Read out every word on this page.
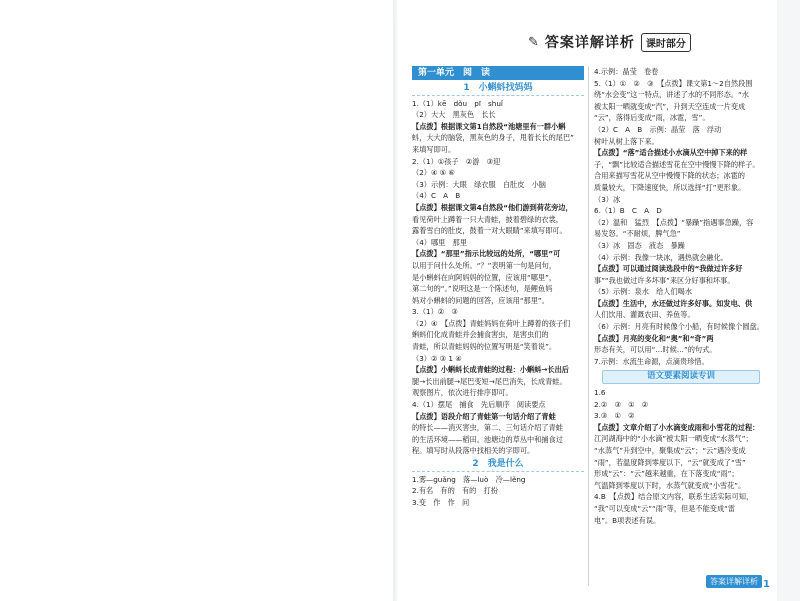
✎ 答案详解详析	课时部分
第一单元　阅　读
1　小蝌蚪找妈妈
1.（1）kē　dǒu　pī　shuǐ
（2）大大　黑灰色　长长
【点拨】根据课文第1自然段“池塘里有一群小蝌
蚪，大大的脑袋，黑灰色的身子，甩着长长的尾巴”
来填写即可。
2.（1）①孩子　②游　③迎
（2）④ ⑤ ⑥
（3）示例：大眼　绿衣服　白肚皮　小脑
（4）C　A　B
【点拨】根据课文第4自然段“他们游到荷花旁边，
看见荷叶上蹲着一只大青蛙，披着碧绿的衣裳，
露着雪白的肚皮，鼓着一对大眼睛”来填写即可。
（4）哪里　那里
【点拨】“那里”指示比较远的处所，“哪里”可
以用于问什么处所。“？”表明第一句是问句，
是小蝌蚪在向阿妈妈的位置，应该用“哪里”，
第二句的“。”说明这是一个陈述句，是鲤鱼妈
妈对小蝌蚪的问题的回答，应该用“那里”。
3.（1）②　③
（2）④　【点拨】青蛙妈妈在荷叶上蹲着的孩子们
蝌蚪们化成青蛙并会捕食害虫，是害虫们的
青蛙，所以青蛙妈妈的位置写明是“笑着说”。
（3）② ③ 1 ④
【点拨】小蝌蚪长成青蛙的过程：小蝌蚪→长出后
腿→长出前腿→尾巴变短→尾巴消失，长成青蛙。
观察图片，依次进行排序即可。
4.（1）摆尾　捕食　先后顺序　阅读要点
【点拨】语段介绍了青蛙第一句话介绍了青蛙
的特长——消灭害虫，第二、三句话介绍了青蛙
的生活环境——稻田。池塘边的草丛中和捕食过
程。填写时从段落中找相关的字即可。
2　我是什么
1.雾—guǎng　落—luò　冷—lěng
2.有名　有的　有的　打扮
3.变　作　作　问
4.示例：晶莹　卷卷
5.（1）①　②　③　【点拨】课文第1～2自然段围
绕“水会变”这一特点，讲述了水的不同形态。“水
被太阳一晒就变成“汽”，升到天空连成一片变成
“云”，落得后变成“雨，冰雹，雪”。
（2）C　A　B　示例：晶莹　落　浮动
树叶从树上落下来。
【点拨】“落”适合描述小水滴从空中掉下来的样
子，“飘”比较适合描述雪花在空中慢慢下降的样子。
合用来描写雪花从空中慢慢下降的状态；冰雹的
质量较大，下降速度快，所以选择“打”更形象。
（3）冰
6.（1）B　C　A　D
（2）温和　猛烈　【点拨】“暴躁”指遇事急躁，容
易发怒。“不耐烦，脾气急”
（3）冰　固态　液态　暴躁
（4）示例：我像一块冰，遇热就会融化。
【点拨】可以通过阅读选段中的“我做过许多好
事”“我也做过许多坏事”来区分好事和坏事。
（5）示例：泉水　给人们喝水
【点拨】生活中，水还做过许多好事。如发电、供
人们饮用、灌溉农田、养鱼等。
（6）示例：月亮有时候像个小船，有时候像个圆盘。
【点拨】月亮的变化和“奥”和“奇”两
形态有关，可以用“…时候…”的句式。
7.示例：水流生命源，点滴贵珍惜。
语文要素阅读专训
1.6
2.②　③　①　②
3.③　①　②
【点拨】文章介绍了小水滴变成雨和小雪花的过程：
江河湖海中的“小水滴”被太阳一晒变成“水蒸气”；
“水蒸气”升到空中，聚集成“云”；“云”遇冷变成
“雨”，若温度降到零度以下，“云”就变成了“雪”
形成“云”：“云”越来越重，在下落变成“雨”；
气温降到零度以下时，水蒸气就变成“小雪花”。
4.B　【点拨】结合原文内容，联系生活实际可知，
“我”可以变成“云”“雨”等，但是不能变成“雷
电”。B项表述有误。
答案详解详析 1
